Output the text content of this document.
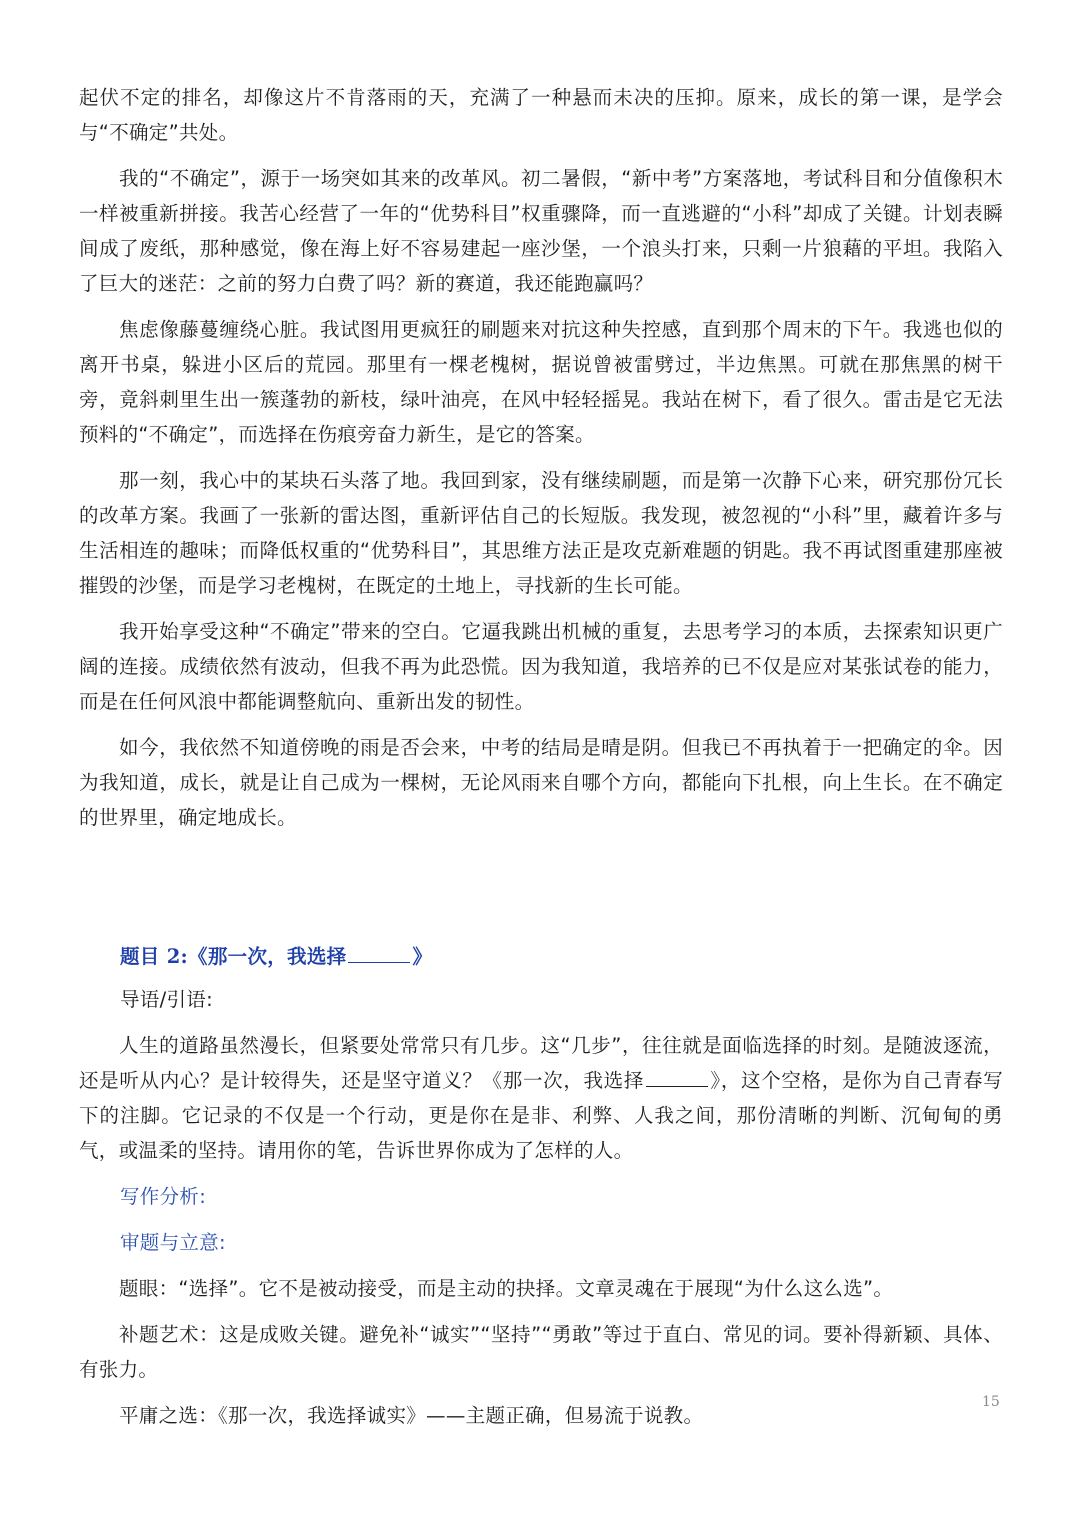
起伏不定的排名，却像这片不肯落雨的天，充满了一种悬而未决的压抑。原来，成长的第一课，是学会与“不确定”共处。

我的“不确定”，源于一场突如其来的改革风。初二暑假，“新中考”方案落地，考试科目和分值像积木一样被重新拼接。我苦心经营了一年的“优势科目”权重骤降，而一直逃避的“小科”却成了关键。计划表瞬间成了废纸，那种感觉，像在海上好不容易建起一座沙堡，一个浪头打来，只剩一片狼藉的平坦。我陷入了巨大的迷茫：之前的努力白费了吗？新的赛道，我还能跑赢吗？

焦虑像藤蔓缠绕心脏。我试图用更疯狂的刷题来对抗这种失控感，直到那个周末的下午。我逃也似的离开书桌，躲进小区后的荒园。那里有一棵老槐树，据说曾被雷劈过，半边焦黑。可就在那焦黑的树干旁，竟斜刺里生出一簇蓬勃的新枝，绿叶油亮，在风中轻轻摇晃。我站在树下，看了很久。雷击是它无法预料的“不确定”，而选择在伤痕旁奋力新生，是它的答案。

那一刻，我心中的某块石头落了地。我回到家，没有继续刷题，而是第一次静下心来，研究那份冗长的改革方案。我画了一张新的雷达图，重新评估自己的长短版。我发现，被忽视的“小科”里，藏着许多与生活相连的趣味；而降低权重的“优势科目”，其思维方法正是攻克新难题的钥匙。我不再试图重建那座被摧毁的沙堡，而是学习老槐树，在既定的土地上，寻找新的生长可能。

我开始享受这种“不确定”带来的空白。它逼我跳出机械的重复，去思考学习的本质，去探索知识更广阔的连接。成绩依然有波动，但我不再为此恐慌。因为我知道，我培养的已不仅是应对某张试卷的能力，而是在任何风浪中都能调整航向、重新出发的韧性。

如今，我依然不知道傍晚的雨是否会来，中考的结局是晴是阴。但我已不再执着于一把确定的伞。因为我知道，成长，就是让自己成为一棵树，无论风雨来自哪个方向，都能向下扎根，向上生长。在不确定的世界里，确定地成长。

题目 2:《那一次，我选择	》

导语/引语:

人生的道路虽然漫长，但紧要处常常只有几步。这“几步”，往往就是面临选择的时刻。是随波逐流，还是听从内心？是计较得失，还是坚守道义？《那一次，我选择	》，这个空格，是你为自己青春写下的注脚。它记录的不仅是一个行动，更是你在是非、利弊、人我之间，那份清晰的判断、沉甸甸的勇气，或温柔的坚持。请用你的笔，告诉世界你成为了怎样的人。

写作分析:

审题与立意:

题眼：“选择”。它不是被动接受，而是主动的抉择。文章灵魂在于展现“为什么这么选”。

补题艺术：这是成败关键。避免补“诚实”“坚持”“勇敢”等过于直白、常见的词。要补得新颖、具体、有张力。

平庸之选：《那一次，我选择诚实》——主题正确，但易流于说教。

15
